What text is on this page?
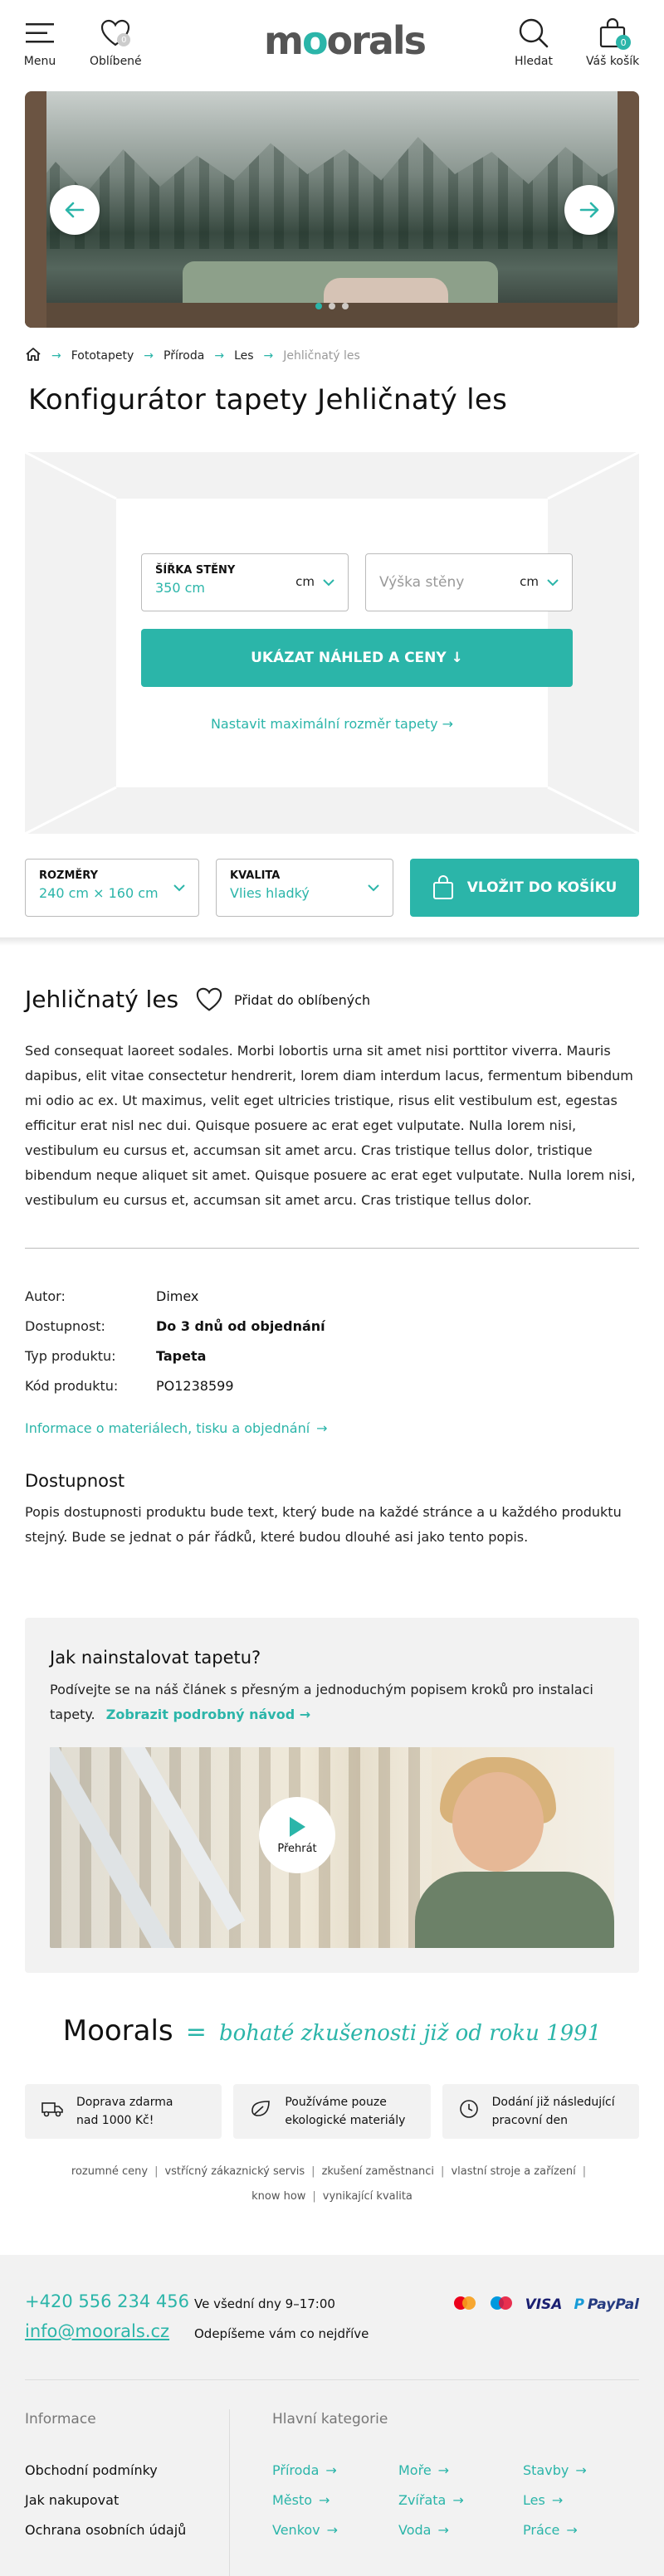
Menu
0
Oblíbené	moorals	Hledat
0
Váš košík
→ Fototapety → Příroda → Les → Jehličnatý les
Konfigurátor tapety Jehličnatý les
ŠÍŘKA STĚNY
350 cm	cm	Výška stěny	cm
UKÁZAT NÁHLED A CENY ↓
Nastavit maximální rozměr tapety →
ROZMĚRY
240 cm × 160 cm
KVALITA
Vlies hladký	VLOŽIT DO KOŠÍKU
Jehličnatý les	Přidat do oblíbených

Sed consequat laoreet sodales. Morbi lobortis urna sit amet nisi porttitor viverra. Mauris dapibus, elit vitae consectetur hendrerit, lorem diam interdum lacus, fermentum bibendum mi odio ac ex. Ut maximus, velit eget ultricies tristique, risus elit vestibulum est, egestas efficitur erat nisl nec dui. Quisque posuere ac erat eget vulputate. Nulla lorem nisi, vestibulum eu cursus et, accumsan sit amet arcu. Cras tristique tellus dolor, tristique bibendum neque aliquet sit amet. Quisque posuere ac erat eget vulputate. Nulla lorem nisi, vestibulum eu cursus et, accumsan sit amet arcu. Cras tristique tellus dolor.

Autor:	Dimex
Dostupnost:	Do 3 dnů od objednání
Typ produktu:	Tapeta
Kód produktu:	PO1238599
Informace o materiálech, tisku a objednání →
Dostupnost

Popis dostupnosti produktu bude text, který bude na každé stránce a u každého produktu stejný. Bude se jednat o pár řádků, které budou dlouhé asi jako tento popis.

Jak nainstalovat tapetu?

Podívejte se na náš článek s přesným a jednoduchým popisem kroků pro instalaci tapety. Zobrazit podrobný návod →

Přehrát
Moorals = bohaté zkušenosti již od roku 1991
Doprava zdarma
nad 1000 Kč!
Používáme pouze
ekologické materiály
Dodání již následující
pracovní den
rozumné ceny | vstřícný zákaznický servis | zkušení zaměstnanci | vlastní stroje a zařízení |
know how | vynikající kvalita
+420 556 234 456 Ve všední dny 9–17:00
info@moorals.cz Odepíšeme vám co nejdříve
VISA P PayPal
Informace	Hlavní kategorie
Obchodní podmínky
Jak nakupovat
Ochrana osobních údajů
Příroda →	Moře →	Stavby →
Město →	Zvířata →	Les →
Venkov →	Voda →	Práce →
